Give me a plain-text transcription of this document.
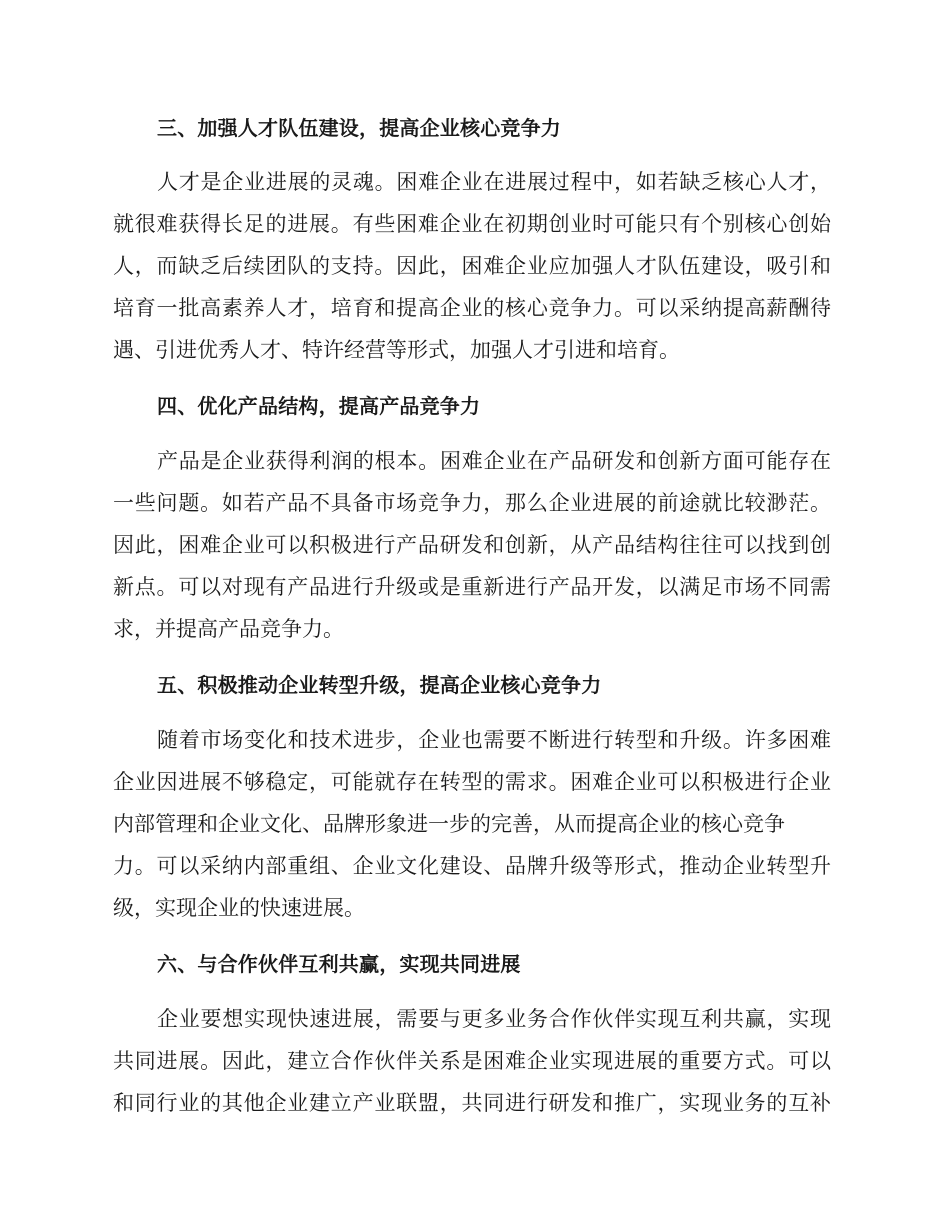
三、加强人才队伍建设，提高企业核心竞争力
人才是企业进展的灵魂。困难企业在进展过程中，如若缺乏核心人才，
就很难获得长足的进展。有些困难企业在初期创业时可能只有个别核心创始
人，而缺乏后续团队的支持。因此，困难企业应加强人才队伍建设，吸引和
培育一批高素养人才，培育和提高企业的核心竞争力。可以采纳提高薪酬待
遇、引进优秀人才、特许经营等形式，加强人才引进和培育。
四、优化产品结构，提高产品竞争力
产品是企业获得利润的根本。困难企业在产品研发和创新方面可能存在
一些问题。如若产品不具备市场竞争力，那么企业进展的前途就比较渺茫。
因此，困难企业可以积极进行产品研发和创新，从产品结构往往可以找到创
新点。可以对现有产品进行升级或是重新进行产品开发，以满足市场不同需
求，并提高产品竞争力。
五、积极推动企业转型升级，提高企业核心竞争力
随着市场变化和技术进步，企业也需要不断进行转型和升级。许多困难
企业因进展不够稳定，可能就存在转型的需求。困难企业可以积极进行企业
内部管理和企业文化、品牌形象进一步的完善，从而提高企业的核心竞争
力。可以采纳内部重组、企业文化建设、品牌升级等形式，推动企业转型升
级，实现企业的快速进展。
六、与合作伙伴互利共赢，实现共同进展
企业要想实现快速进展，需要与更多业务合作伙伴实现互利共赢，实现
共同进展。因此，建立合作伙伴关系是困难企业实现进展的重要方式。可以
和同行业的其他企业建立产业联盟，共同进行研发和推广，实现业务的互补
